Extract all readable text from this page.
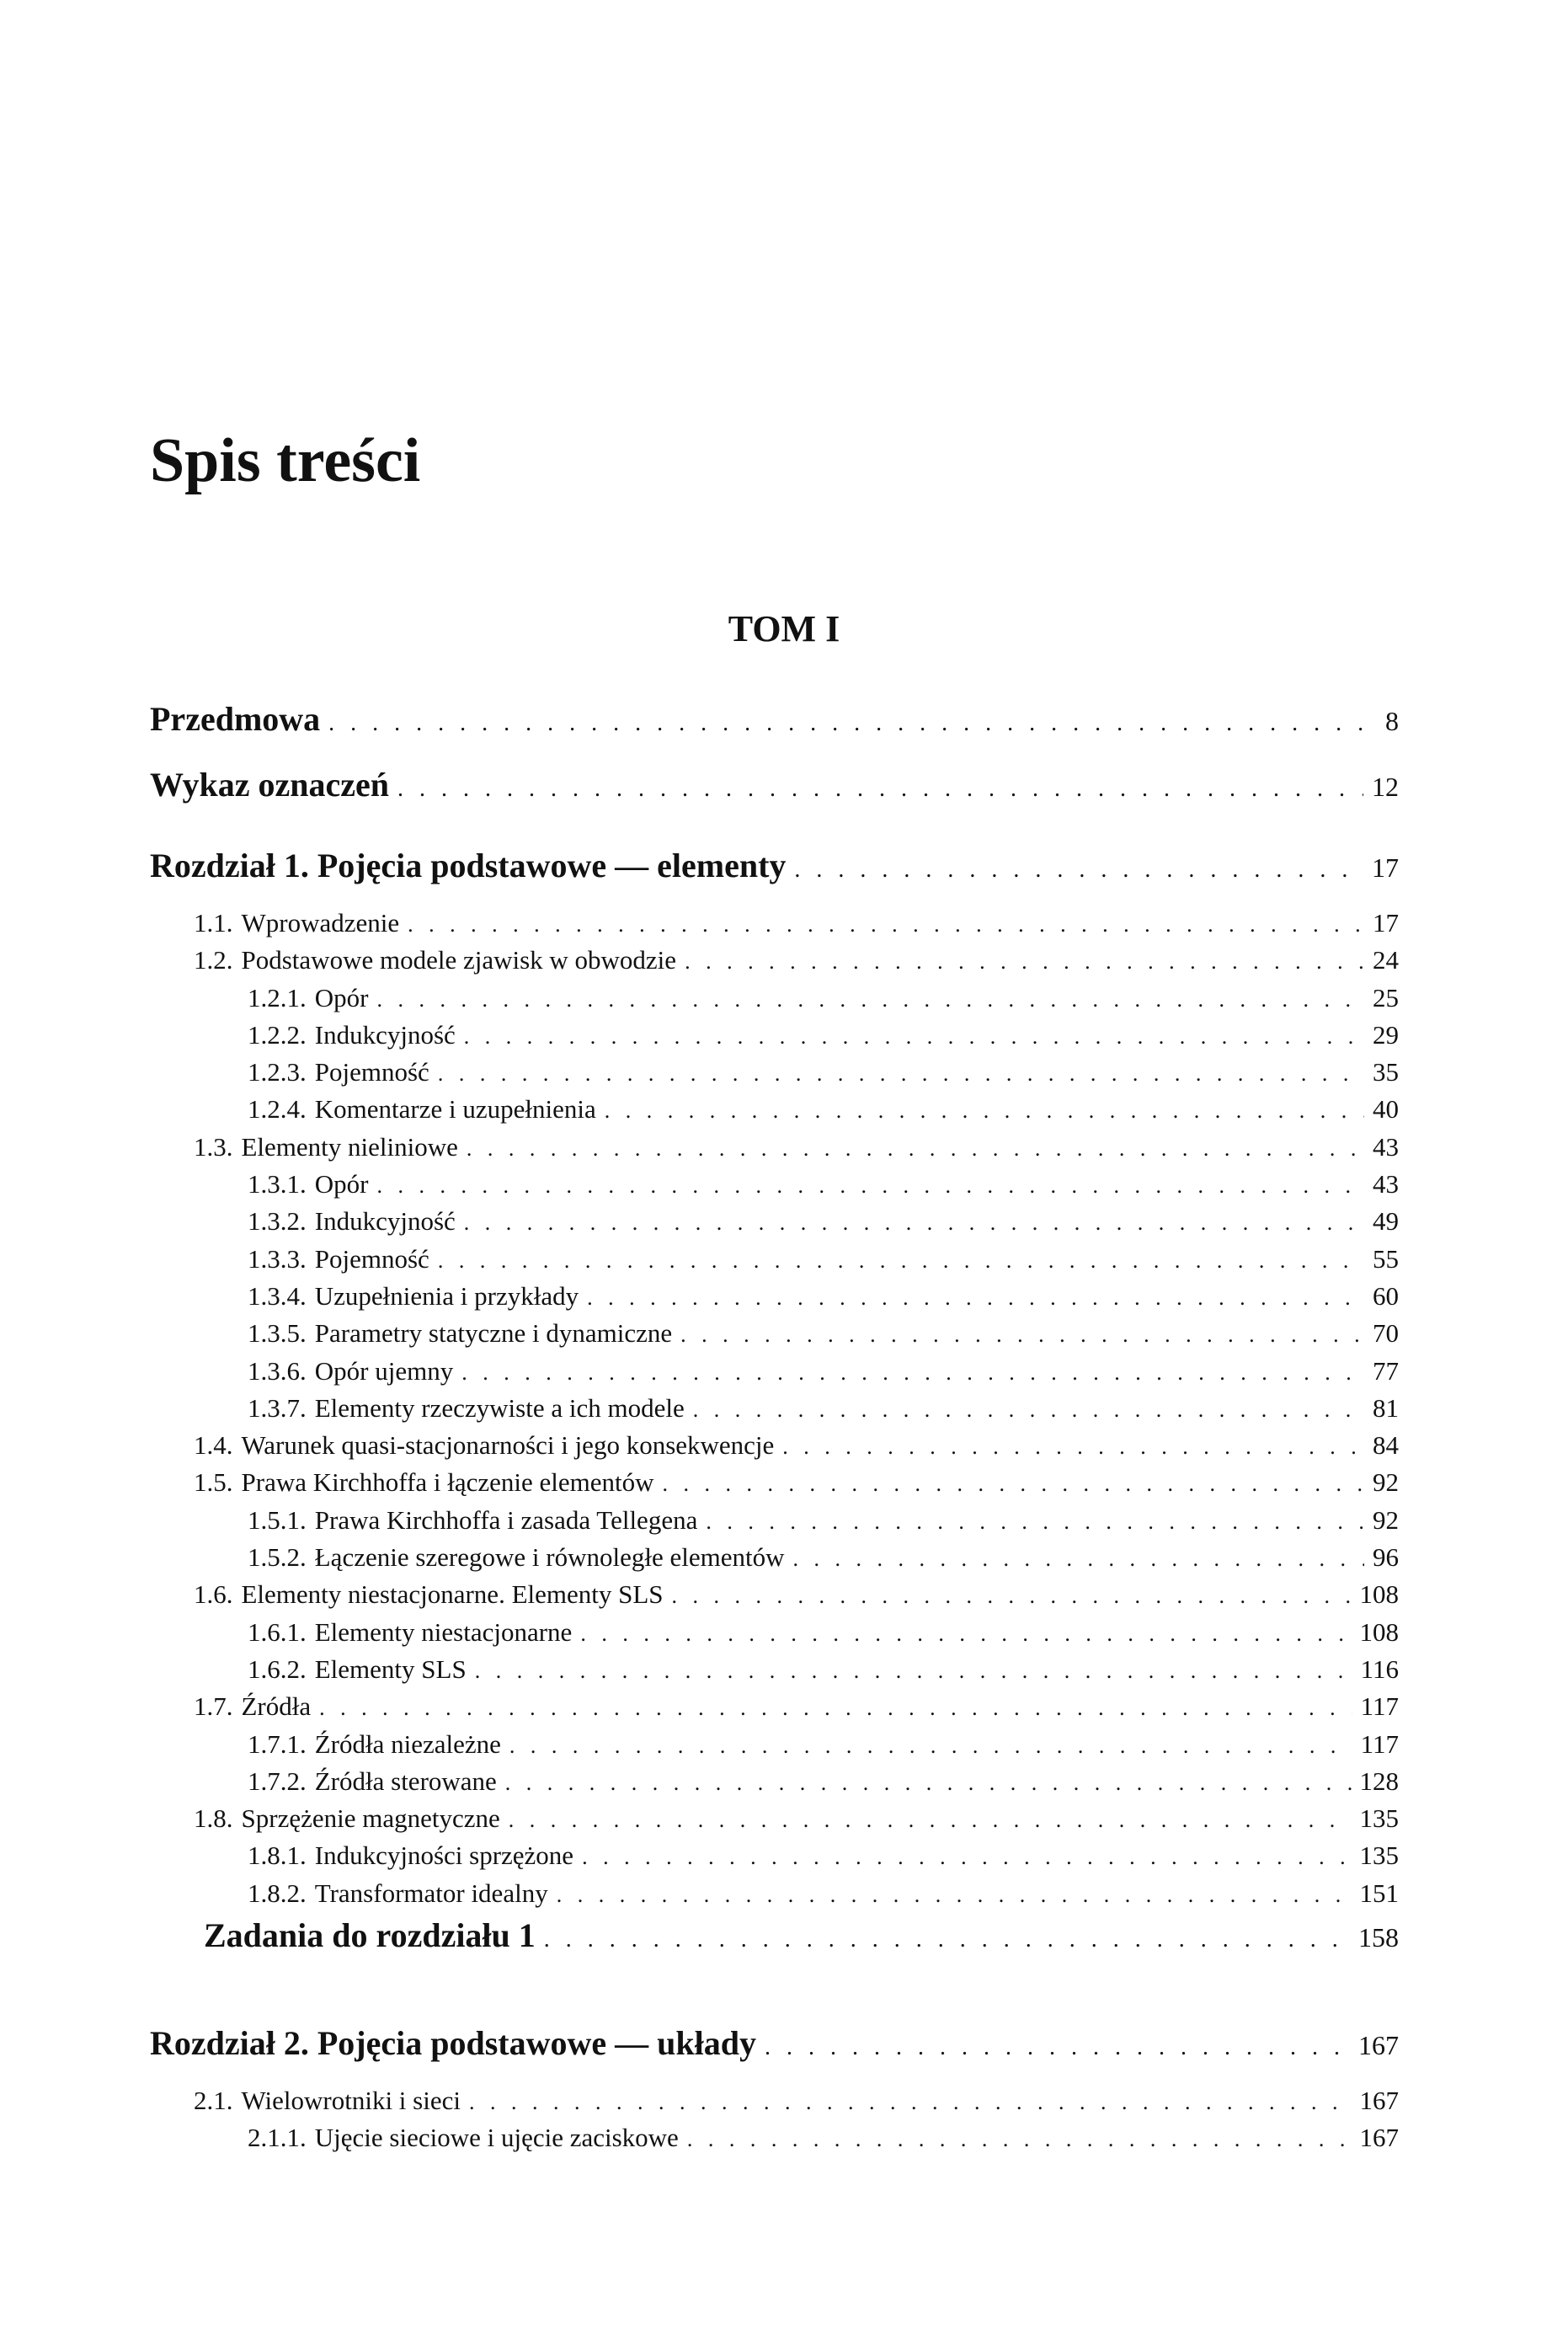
Spis treści
TOM I
Przedmowa . . .	8
Wykaz oznaczeń . . .	12
Rozdział 1. Pojęcia podstawowe — elementy . . .	17
1.1. Wprowadzenie . . .	17
1.2. Podstawowe modele zjawisk w obwodzie . . .	24
1.2.1. Opór . . .	25
1.2.2. Indukcyjność . . .	29
1.2.3. Pojemność . . .	35
1.2.4. Komentarze i uzupełnienia . . .	40
1.3. Elementy nieliniowe . . .	43
1.3.1. Opór . . .	43
1.3.2. Indukcyjność . . .	49
1.3.3. Pojemność . . .	55
1.3.4. Uzupełnienia i przykłady . . .	60
1.3.5. Parametry statyczne i dynamiczne . . .	70
1.3.6. Opór ujemny . . .	77
1.3.7. Elementy rzeczywiste a ich modele . . .	81
1.4. Warunek quasi-stacjonarności i jego konsekwencje . . .	84
1.5. Prawa Kirchhoffa i łączenie elementów . . .	92
1.5.1. Prawa Kirchhoffa i zasada Tellegena . . .	92
1.5.2. Łączenie szeregowe i równoległe elementów . . .	96
1.6. Elementy niestacjonarne. Elementy SLS . . .	108
1.6.1. Elementy niestacjonarne . . .	108
1.6.2. Elementy SLS . . .	116
1.7. Źródła . . .	117
1.7.1. Źródła niezależne . . .	117
1.7.2. Źródła sterowane . . .	128
1.8. Sprzężenie magnetyczne . . .	135
1.8.1. Indukcyjności sprzężone . . .	135
1.8.2. Transformator idealny . . .	151
Zadania do rozdziału 1 . . .	158
Rozdział 2. Pojęcia podstawowe — układy . . .	167
2.1. Wielowrotniki i sieci . . .	167
2.1.1. Ujęcie sieciowe i ujęcie zaciskowe . . .	167
